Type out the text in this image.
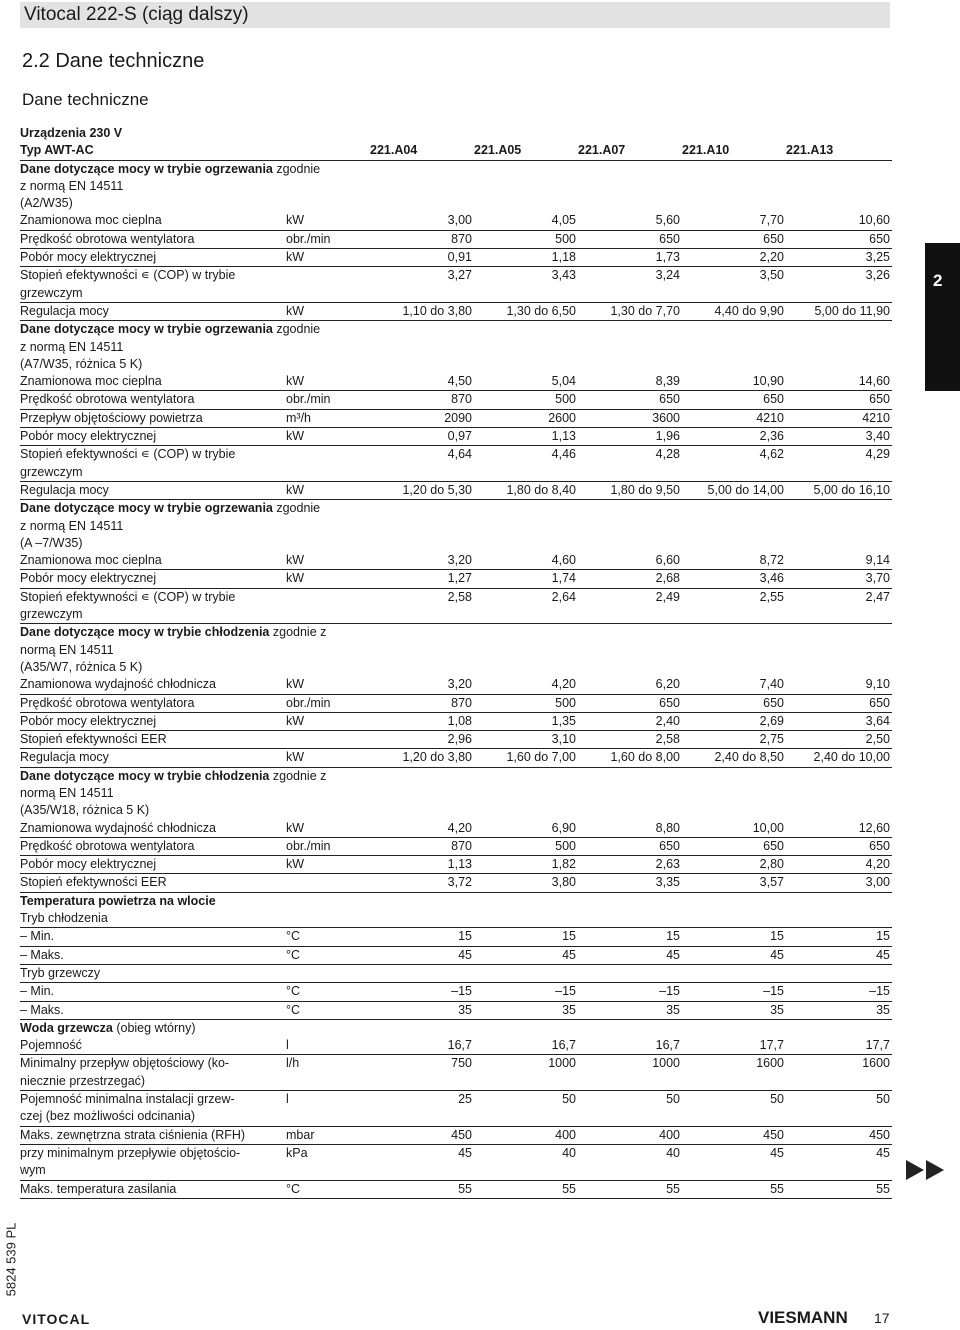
Vitocal 222-S (ciąg dalszy)
2.2 Dane techniczne
Dane techniczne
Urządzenia 230 V						
Typ AWT-AC		221.A04	221.A05	221.A07	221.A10	221.A13
Dane dotyczące mocy w trybie ogrzewania zgodnie						
z normą EN 14511						
(A2/W35)						
Znamionowa moc cieplna	kW	3,00	4,05	5,60	7,70	10,60
Prędkość obrotowa wentylatora	obr./min	870	500	650	650	650
Pobór mocy elektrycznej	kW	0,91	1,18	1,73	2,20	3,25
Stopień efektywności ∊ (COP) w trybie		3,27	3,43	3,24	3,50	3,26
grzewczym						
Regulacja mocy	kW	1,10 do 3,80	1,30 do 6,50	1,30 do 7,70	4,40 do 9,90	5,00 do 11,90
Dane dotyczące mocy w trybie ogrzewania zgodnie						
z normą EN 14511						
(A7/W35, różnica 5 K)						
Znamionowa moc cieplna	kW	4,50	5,04	8,39	10,90	14,60
Prędkość obrotowa wentylatora	obr./min	870	500	650	650	650
Przepływ objętościowy powietrza	m³/h	2090	2600	3600	4210	4210
Pobór mocy elektrycznej	kW	0,97	1,13	1,96	2,36	3,40
Stopień efektywności ∊ (COP) w trybie		4,64	4,46	4,28	4,62	4,29
grzewczym						
Regulacja mocy	kW	1,20 do 5,30	1,80 do 8,40	1,80 do 9,50	5,00 do 14,00	5,00 do 16,10
Dane dotyczące mocy w trybie ogrzewania zgodnie						
z normą EN 14511						
(A –7/W35)						
Znamionowa moc cieplna	kW	3,20	4,60	6,60	8,72	9,14
Pobór mocy elektrycznej	kW	1,27	1,74	2,68	3,46	3,70
Stopień efektywności ∊ (COP) w trybie		2,58	2,64	2,49	2,55	2,47
grzewczym						
Dane dotyczące mocy w trybie chłodzenia zgodnie z						
normą EN 14511						
(A35/W7, różnica 5 K)						
Znamionowa wydajność chłodnicza	kW	3,20	4,20	6,20	7,40	9,10
Prędkość obrotowa wentylatora	obr./min	870	500	650	650	650
Pobór mocy elektrycznej	kW	1,08	1,35	2,40	2,69	3,64
Stopień efektywności EER		2,96	3,10	2,58	2,75	2,50
Regulacja mocy	kW	1,20 do 3,80	1,60 do 7,00	1,60 do 8,00	2,40 do 8,50	2,40 do 10,00
Dane dotyczące mocy w trybie chłodzenia zgodnie z						
normą EN 14511						
(A35/W18, różnica 5 K)						
Znamionowa wydajność chłodnicza	kW	4,20	6,90	8,80	10,00	12,60
Prędkość obrotowa wentylatora	obr./min	870	500	650	650	650
Pobór mocy elektrycznej	kW	1,13	1,82	2,63	2,80	4,20
Stopień efektywności EER		3,72	3,80	3,35	3,57	3,00
Temperatura powietrza na wlocie						
Tryb chłodzenia						
– Min.	°C	15	15	15	15	15
– Maks.	°C	45	45	45	45	45
Tryb grzewczy						
– Min.	°C	–15	–15	–15	–15	–15
– Maks.	°C	35	35	35	35	35
Woda grzewcza (obieg wtórny)						
Pojemność	l	16,7	16,7	16,7	17,7	17,7
Minimalny przepływ objętościowy (ko-	l/h	750	1000	1000	1600	1600
niecznie przestrzegać)						
Pojemność minimalna instalacji grzew-	l	25	50	50	50	50
czej (bez możliwości odcinania)						
Maks. zewnętrzna strata ciśnienia (RFH)	mbar	450	400	400	450	450
przy minimalnym przepływie objętościo-	kPa	45	40	40	45	45
wym						
Maks. temperatura zasilania	°C	55	55	55	55	55
2
5824 539 PL
VITOCAL	VIESMANN 17
